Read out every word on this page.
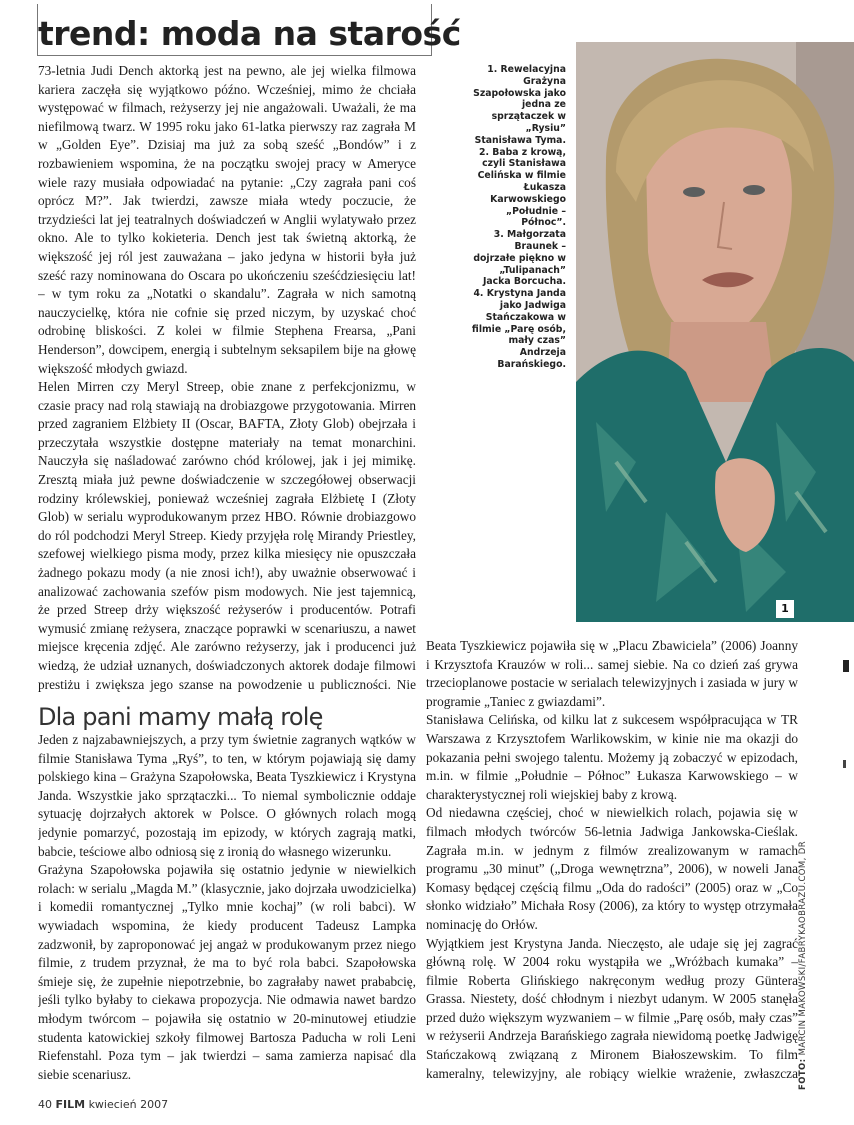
trend: moda na starość

73-letnia Judi Dench aktorką jest na pewno, ale jej wielka filmowa kariera zaczęła się wyjątkowo późno. Wcześniej, mimo że chciała występować w filmach, reżyserzy jej nie angażowali. Uważali, że ma niefilmową twarz. W 1995 roku jako 61-latka pierwszy raz zagrała M w „Golden Eye”. Dzisiaj ma już za sobą sześć „Bondów” i z rozbawieniem wspomina, że na początku swojej pracy w Ameryce wiele razy musiała odpowiadać na pytanie: „Czy zagrała pani coś oprócz M?”. Jak twierdzi, zawsze miała wtedy poczucie, że trzydzieści lat jej teatralnych doświadczeń w Anglii wylatywało przez okno. Ale to tylko kokieteria. Dench jest tak świetną aktorką, że większość jej ról jest zauważana – jako jedyna w historii była już sześć razy nominowana do Oscara po ukończeniu sześćdziesięciu lat! – w tym roku za „Notatki o skandalu”. Zagrała w nich samotną nauczycielkę, która nie cofnie się przed niczym, by uzyskać choć odrobinę bliskości. Z kolei w filmie Stephena Frearsa, „Pani Henderson”, dowcipem, energią i subtelnym seksapilem bije na głowę większość młodych gwiazd.

Helen Mirren czy Meryl Streep, obie znane z perfekcjonizmu, w czasie pracy nad rolą stawiają na drobiazgowe przygotowania. Mirren przed zagraniem Elżbiety II (Oscar, BAFTA, Złoty Glob) obejrzała i przeczytała wszystkie dostępne materiały na temat monarchini. Nauczyła się naśladować zarówno chód królowej, jak i jej mimikę. Zresztą miała już pewne doświadczenie w szczegółowej obserwacji rodziny królewskiej, ponieważ wcześniej zagrała Elżbietę I (Złoty Glob) w serialu wyprodukowanym przez HBO. Równie drobiazgowo do ról podchodzi Meryl Streep. Kiedy przyjęła rolę Mirandy Priestley, szefowej wielkiego pisma mody, przez kilka miesięcy nie opuszczała żadnego pokazu mody (a nie znosi ich!), aby uważnie obserwować i analizować zachowania szefów pism modowych. Nie jest tajemnicą, że przed Streep drży większość reżyserów i producentów. Potrafi wymusić zmianę reżysera, znaczące poprawki w scenariuszu, a nawet miejsce kręcenia zdjęć. Ale zarówno reżyserzy, jak i producenci już wiedzą, że udział uznanych, doświadczonych aktorek dodaje filmowi prestiżu i zwiększa jego szanse na powodzenie u publiczności. Nie

Dla pani mamy małą rolę

Jeden z najzabawniejszych, a przy tym świetnie zagranych wątków w filmie Stanisława Tyma „Ryś”, to ten, w którym pojawiają się damy polskiego kina – Grażyna Szapołowska, Beata Tyszkiewicz i Krystyna Janda. Wszystkie jako sprzątaczki... To niemal symbolicznie oddaje sytuację dojrzałych aktorek w Polsce. O głównych rolach mogą jedynie pomarzyć, pozostają im epizody, w których zagrają matki, babcie, teściowe albo odniosą się z ironią do własnego wizerunku.

Grażyna Szapołowska pojawiła się ostatnio jedynie w niewielkich rolach: w serialu „Magda M.” (klasycznie, jako dojrzała uwodzicielka) i komedii romantycznej „Tylko mnie kochaj” (w roli babci). W wywiadach wspomina, że kiedy producent Tadeusz Lampka zadzwonił, by zaproponować jej angaż w produkowanym przez niego filmie, z trudem przyznał, że ma to być rola babci. Szapołowska śmieje się, że zupełnie niepotrzebnie, bo zagrałaby nawet prababcię, jeśli tylko byłaby to ciekawa propozycja. Nie odmawia nawet bardzo młodym twórcom – pojawiła się ostatnio w 20-minutowej etiudzie studenta katowickiej szkoły filmowej Bartosza Paducha w roli Leni Riefenstahl. Poza tym – jak twierdzi – sama zamierza napisać dla siebie scenariusz.

1. Rewelacyjna Grażyna Szapołowska jako jedna ze sprzątaczek w „Rysiu” Stanisława Tyma.

2. Baba z krową, czyli Stanisława Celińska w filmie Łukasza Karwowskiego „Południe – Północ”.

3. Małgorzata Braunek – dojrzałe piękno w „Tulipanach” Jacka Borcucha.

4. Krystyna Janda jako Jadwiga Stańczakowa w filmie „Parę osób, mały czas” Andrzeja Barańskiego.

1

Beata Tyszkiewicz pojawiła się w „Placu Zbawiciela” (2006) Joanny i Krzysztofa Krauzów w roli... samej siebie. Na co dzień zaś grywa trzecioplanowe postacie w serialach telewizyjnych i zasiada w jury w programie „Taniec z gwiazdami”.

Stanisława Celińska, od kilku lat z sukcesem współpracująca w TR Warszawa z Krzysztofem Warlikowskim, w kinie nie ma okazji do pokazania pełni swojego talentu. Możemy ją zobaczyć w epizodach, m.in. w filmie „Południe – Północ” Łukasza Karwowskiego – w charakterystycznej roli wiejskiej baby z krową.

Od niedawna częściej, choć w niewielkich rolach, pojawia się w filmach młodych twórców 56-letnia Jadwiga Jankowska-Cieślak. Zagrała m.in. w jednym z filmów zrealizowanym w ramach programu „30 minut” („Droga wewnętrzna”, 2006), w noweli Jana Komasy będącej częścią filmu „Oda do radości” (2005) oraz w „Co słonko widziało” Michała Rosy (2006), za który to występ otrzymała nominację do Orłów.

Wyjątkiem jest Krystyna Janda. Nieczęsto, ale udaje się jej zagrać główną rolę. W 2004 roku wystąpiła we „Wróżbach kumaka” – filmie Roberta Glińskiego nakręconym według prozy Güntera Grassa. Niestety, dość chłodnym i niezbyt udanym. W 2005 stanęła przed dużo większym wyzwaniem – w filmie „Parę osób, mały czas” w reżyserii Andrzeja Barańskiego zagrała niewidomą poetkę Jadwigę Stańczakową związaną z Mironem Białoszewskim. To film kameralny, telewizyjny, ale robiący wielkie wrażenie, zwłaszcza FOTO: MARCIN MAKOWSKI/FABRYKAOBRAZU.COM, DR
40 FILM kwiecień 2007
